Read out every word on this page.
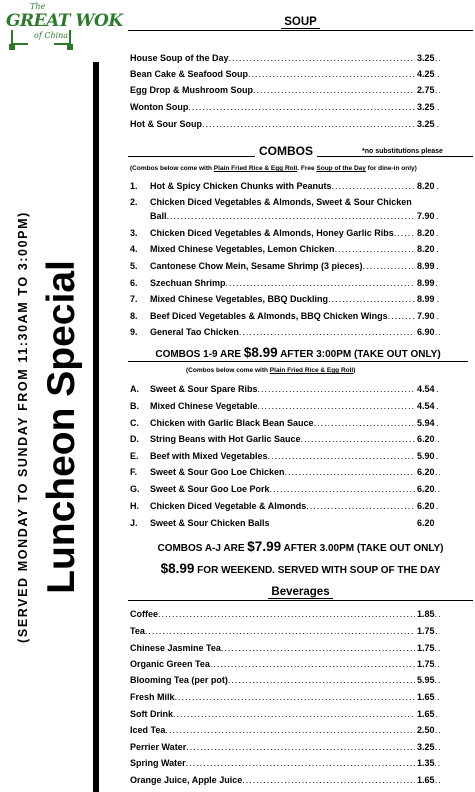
The
GREAT WOK
of China
(SERVED MONDAY TO SUNDAY FROM 11:30AM TO 3:00PM) Luncheon Special
SOUP
House Soup of the Day .....	3.25
Bean Cake & Seafood Soup .....	4.25
Egg Drop & Mushroom Soup .....	2.75
Wonton Soup .....	3.25
Hot & Sour Soup .....	3.25
COMBOS	*no substitutions please
(Combos below come with Plain Fried Rice & Egg Roll. Free Soup of the Day for dine-in only)
1. Hot & Spicy Chicken Chunks with Peanuts .....	8.20
2. Chicken Diced Vegetables & Almonds, Sweet & Sour Chicken
Ball .....	7.90
3. Chicken Diced Vegetables & Almonds, Honey Garlic Ribs .....	8.20
4. Mixed Chinese Vegetables, Lemon Chicken .....	8.20
5. Cantonese Chow Mein, Sesame Shrimp (3 pieces) .....	8.99
6. Szechuan Shrimp .....	8.99
7. Mixed Chinese Vegetables, BBQ Duckling .....	8.99
8. Beef Diced Vegetables & Almonds, BBQ Chicken Wings .....	7.90
9. General Tao Chicken .....	6.90
COMBOS 1-9 ARE $8.99 AFTER 3:00PM (TAKE OUT ONLY)
(Combos below come with Plain Fried Rice & Egg Roll)
A. Sweet & Sour Spare Ribs .....	4.54
B. Mixed Chinese Vegetable .....	4.54
C. Chicken with Garlic Black Bean Sauce .....	5.94
D. String Beans with Hot Garlic Sauce .....	6.20
E. Beef with Mixed Vegetables .....	5.90
F. Sweet & Sour Goo Loe Chicken .....	6.20
G. Sweet & Sour Goo Loe Pork .....	6.20
H. Chicken Diced Vegetable & Almonds .....	6.20
J. Sweet & Sour Chicken Balls	6.20
COMBOS A-J ARE $7.99 AFTER 3.00PM (TAKE OUT ONLY)
$8.99 FOR WEEKEND. SERVED WITH SOUP OF THE DAY
Beverages
Coffee .....	1.85
Tea .....	1.75
Chinese Jasmine Tea .....	1.75
Organic Green Tea .....	1.75
Blooming Tea (per pot) .....	5.95
Fresh Milk .....	1.65
Soft Drink .....	1.65
Iced Tea .....	2.50
Perrier Water .....	3.25
Spring Water .....	1.35
Orange Juice, Apple Juice .....	1.65
